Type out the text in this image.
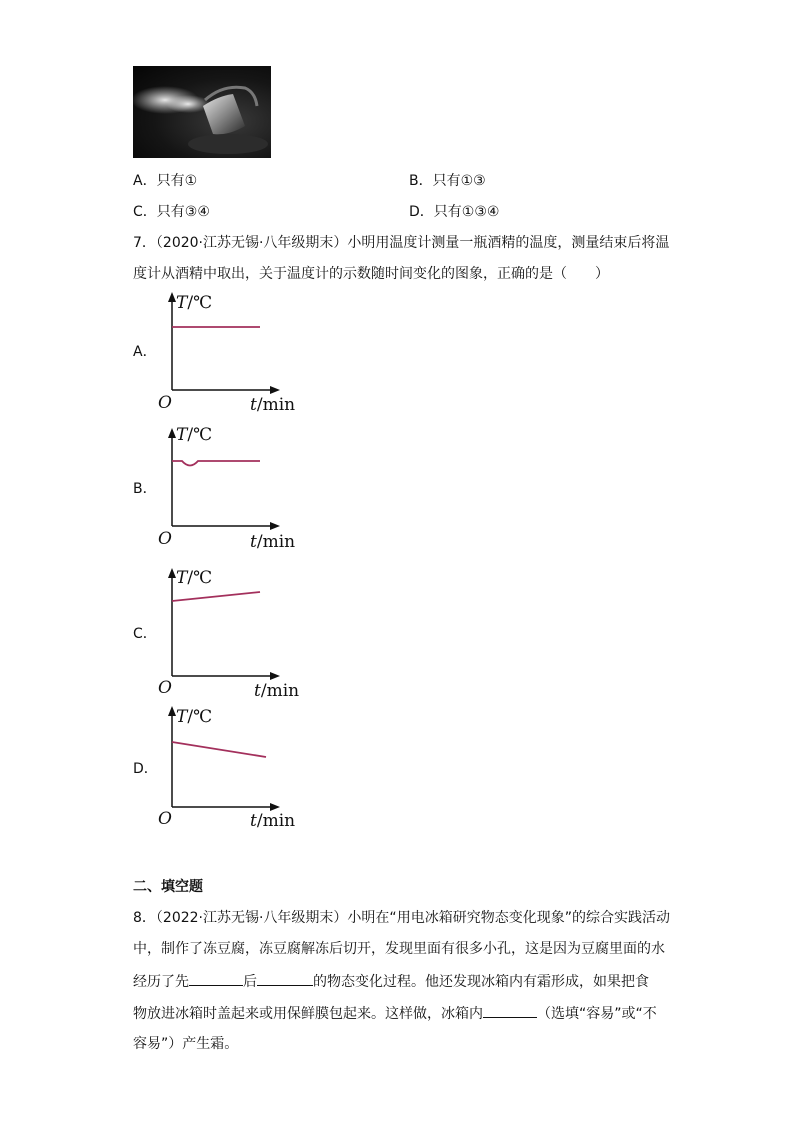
A．只有①	B．只有①③
C．只有③④	D．只有①③④
7．（2020·江苏无锡·八年级期末）小明用温度计测量一瓶酒精的温度，测量结束后将温
度计从酒精中取出，关于温度计的示数随时间变化的图象，正确的是（　　）
A．
T/℃
O	t/min
B．
T/℃
O	t/min
C．
T/℃
O	t/min
D．
T/℃
O	t/min
二、填空题
8．（2022·江苏无锡·八年级期末）小明在“用电冰箱研究物态变化现象”的综合实践活动
中，制作了冻豆腐，冻豆腐解冻后切开，发现里面有很多小孔，这是因为豆腐里面的水
经历了先	后	的物态变化过程。他还发现冰箱内有霜形成，如果把食
物放进冰箱时盖起来或用保鲜膜包起来。这样做，冰箱内	（选填“容易”或“不
容易”）产生霜。
